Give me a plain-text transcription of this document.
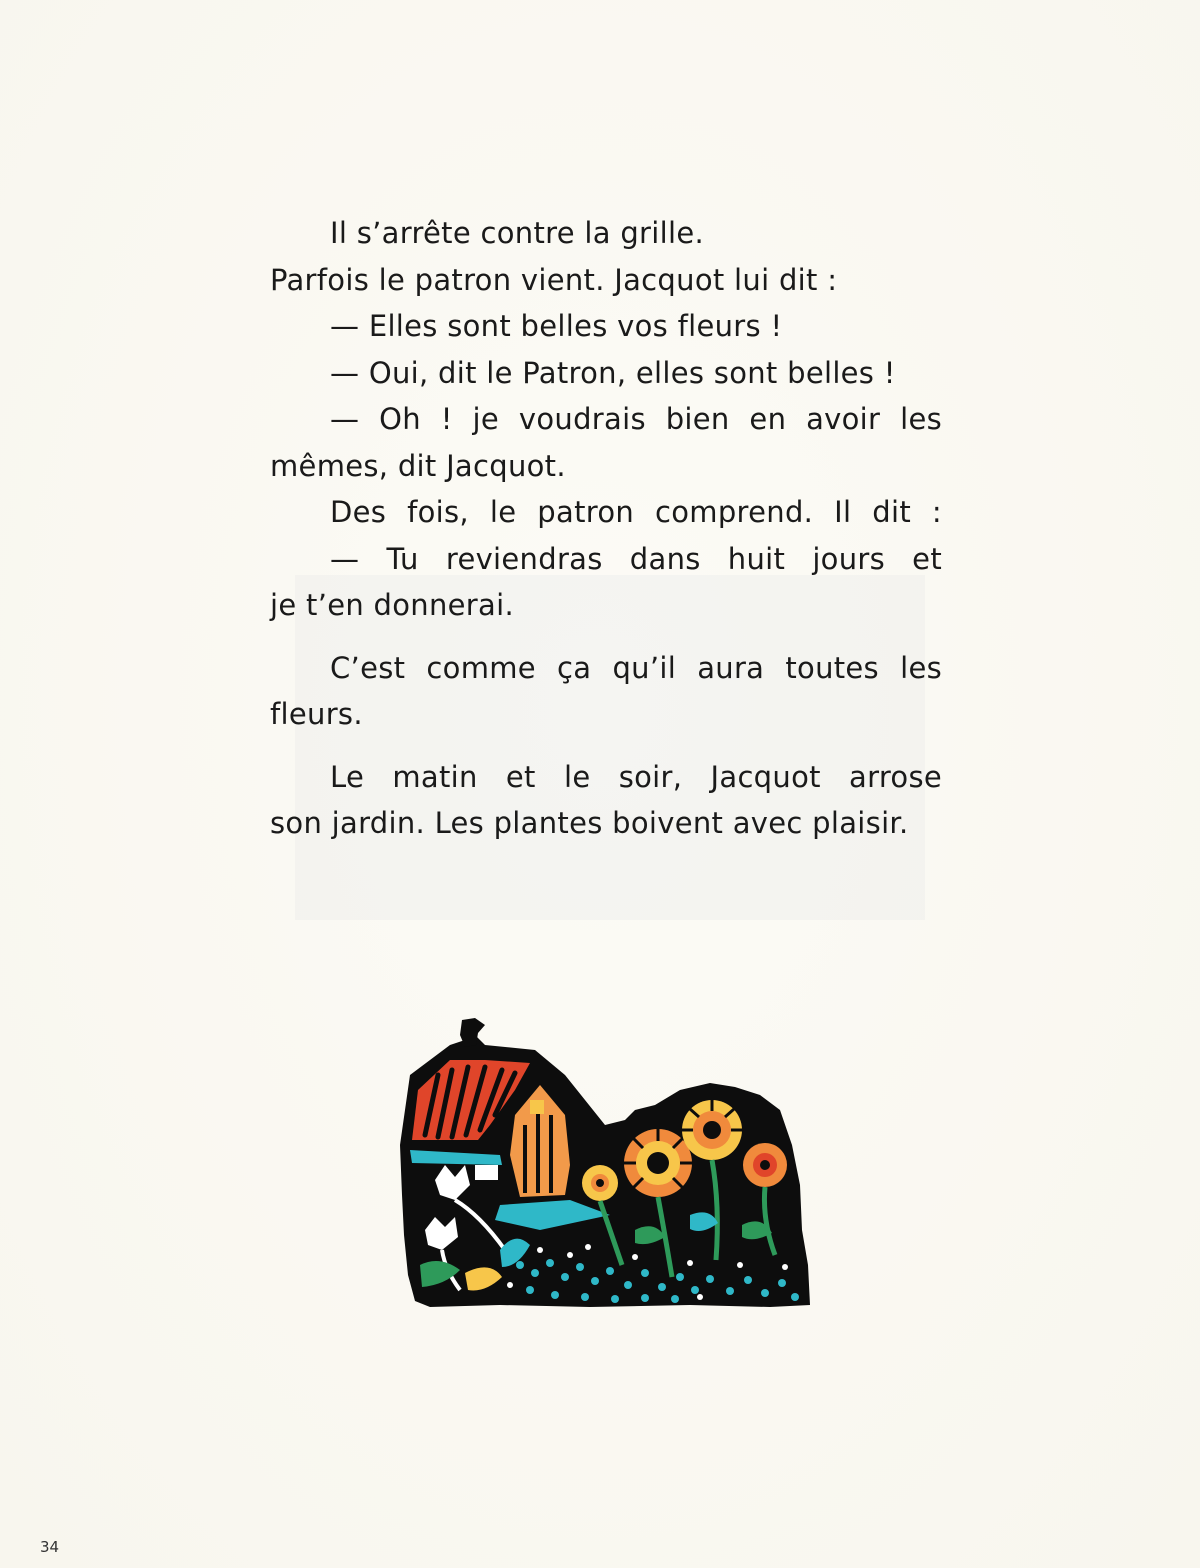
Il s’arrête contre la grille.
Parfois le patron vient. Jacquot lui dit :
— Elles sont belles vos fleurs !
— Oui, dit le Patron, elles sont belles !
— Oh ! je voudrais bien en avoir les
mêmes, dit Jacquot.
Des fois, le patron comprend. Il dit :
— Tu reviendras dans huit jours et
je t’en donnerai.
C’est comme ça qu’il aura toutes les
fleurs.
Le matin et le soir, Jacquot arrose
son jardin. Les plantes boivent avec plaisir.
34
